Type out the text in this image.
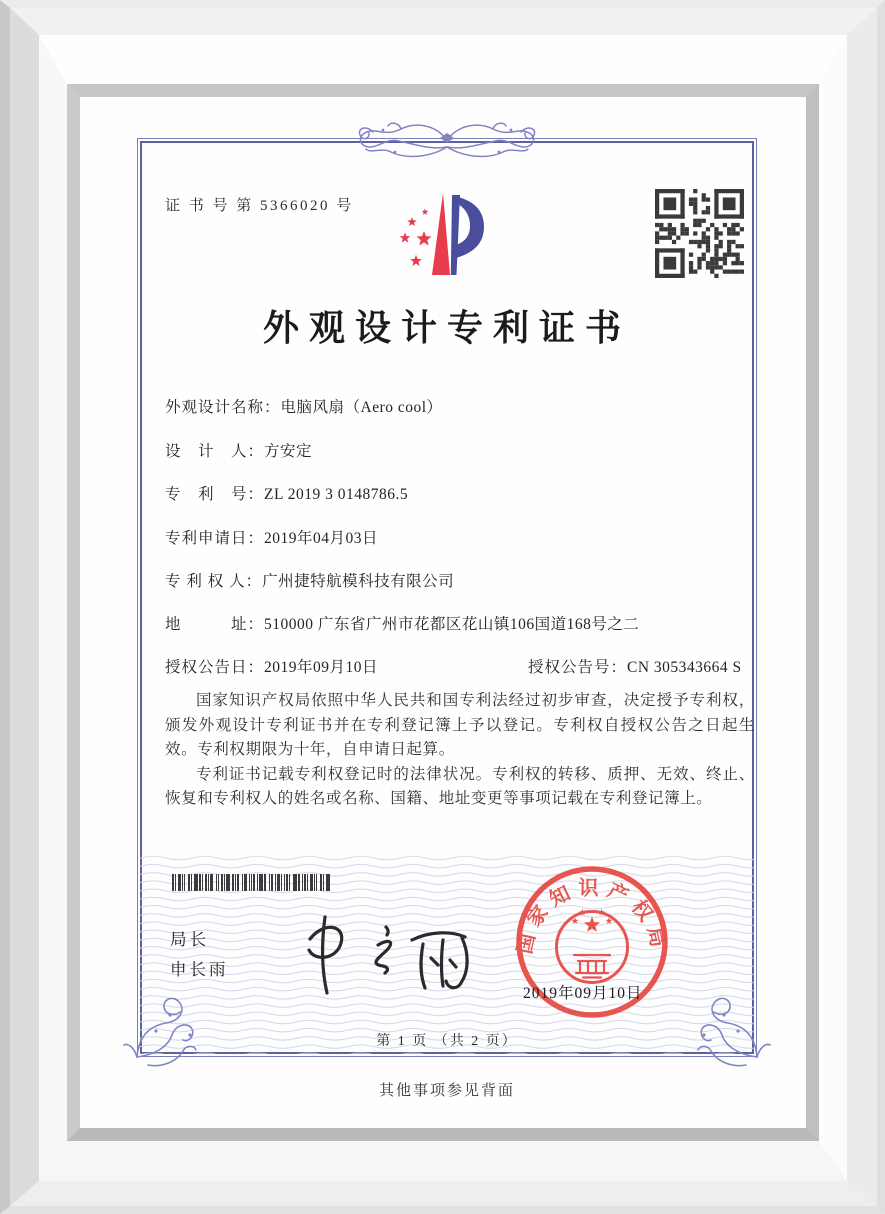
证 书 号 第 5366020 号
外观设计专利证书
外观设计名称：电脑风扇（Aero cool）
设　计　人：方安定
专　利　号：ZL 2019 3 0148786.5
专利申请日：2019年04月03日
专 利 权 人：广州捷特航模科技有限公司
地　　　址：510000 广东省广州市花都区花山镇106国道168号之二
授权公告日：2019年09月10日	授权公告号：CN 305343664 S

国家知识产权局依照中华人民共和国专利法经过初步审查，决定授予专利权，颁发外观设计专利证书并在专利登记簿上予以登记。专利权自授权公告之日起生效。专利权期限为十年，自申请日起算。

专利证书记载专利权登记时的法律状况。专利权的转移、质押、无效、终止、恢复和专利权人的姓名或名称、国籍、地址变更等事项记载在专利登记簿上。

局长
申长雨
国家知识产权局
2019年09月10日
第 1 页 （共 2 页）
其他事项参见背面
